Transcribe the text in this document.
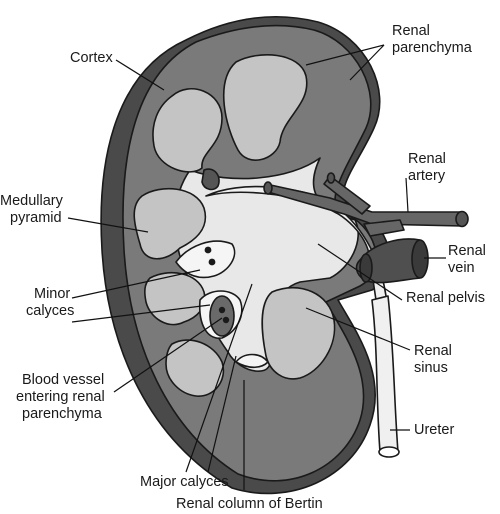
Renal parenchyma
Cortex
Renal artery
Medullary pyramid
Renal vein
Minor calyces
Renal pelvis
Renal sinus
Blood vessel entering renal parenchyma
Ureter
Major calyces
Renal column of Bertin
